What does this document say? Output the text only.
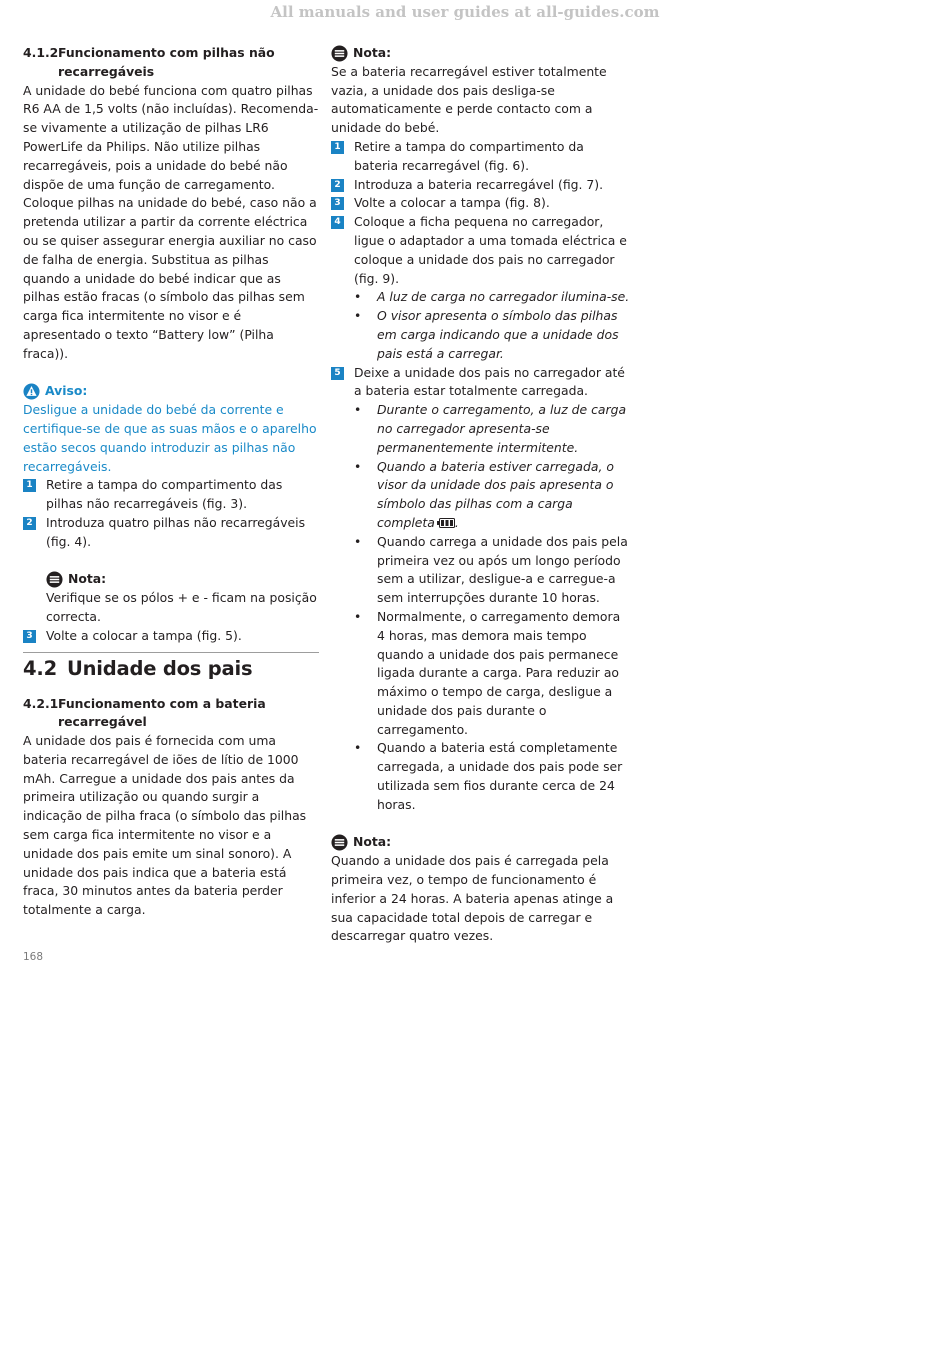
All manuals and user guides at all-guides.com
4.1.2Funcionamento com pilhas não
recarregáveis

A unidade do bebé funciona com quatro pilhas R6 AA de 1,5 volts (não incluídas). Recomenda-se vivamente a utilização de pilhas LR6 PowerLife da Philips. Não utilize pilhas recarregáveis, pois a unidade do bebé não dispõe de uma função de carregamento. Coloque pilhas na unidade do bebé, caso não a pretenda utilizar a partir da corrente eléctrica ou se quiser assegurar energia auxiliar no caso de falha de energia. Substitua as pilhas quando a unidade do bebé indicar que as pilhas estão fracas (o símbolo das pilhas sem carga fica intermitente no visor e é apresentado o texto “Battery low” (Pilha fraca)).

Aviso:

Desligue a unidade do bebé da corrente e certifique-se de que as suas mãos e o aparelho estão secos quando introduzir as pilhas não recarregáveis.

1 Retire a tampa do compartimento das pilhas não recarregáveis (fig. 3).
2 Introduza quatro pilhas não recarregáveis (fig. 4).
Nota:

Verifique se os pólos + e - ficam na posição correcta.

3 Volte a colocar a tampa (fig. 5).
4.2 Unidade dos pais
4.2.1Funcionamento com a bateria
recarregável

A unidade dos pais é fornecida com uma bateria recarregável de iões de lítio de 1000 mAh. Carregue a unidade dos pais antes da primeira utilização ou quando surgir a indicação de pilha fraca (o símbolo das pilhas sem carga fica intermitente no visor e a unidade dos pais emite um sinal sonoro). A unidade dos pais indica que a bateria está fraca, 30 minutos antes da bateria perder totalmente a carga.

Nota:

Se a bateria recarregável estiver totalmente vazia, a unidade dos pais desliga-se automaticamente e perde contacto com a unidade do bebé.

1 Retire a tampa do compartimento da bateria recarregável (fig. 6).
2 Introduza a bateria recarregável (fig. 7).
3 Volte a colocar a tampa (fig. 8).
4 Coloque a ficha pequena no carregador, ligue o adaptador a uma tomada eléctrica e coloque a unidade dos pais no carregador (fig. 9).
•	A luz de carga no carregador ilumina-se.
•	O visor apresenta o símbolo das pilhas em carga indicando que a unidade dos pais está a carregar.
5 Deixe a unidade dos pais no carregador até a bateria estar totalmente carregada.
•	Durante o carregamento, a luz de carga no carregador apresenta-se permanentemente intermitente.
•	Quando a bateria estiver carregada, o visor da unidade dos pais apresenta o símbolo das pilhas com a carga completa .
•	Quando carrega a unidade dos pais pela primeira vez ou após um longo período sem a utilizar, desligue-a e carregue-a sem interrupções durante 10 horas.
•	Normalmente, o carregamento demora 4 horas, mas demora mais tempo quando a unidade dos pais permanece ligada durante a carga. Para reduzir ao máximo o tempo de carga, desligue a unidade dos pais durante o carregamento.
•	Quando a bateria está completamente carregada, a unidade dos pais pode ser utilizada sem fios durante cerca de 24 horas.
Nota:

Quando a unidade dos pais é carregada pela primeira vez, o tempo de funcionamento é inferior a 24 horas. A bateria apenas atinge a sua capacidade total depois de carregar e descarregar quatro vezes.

168
